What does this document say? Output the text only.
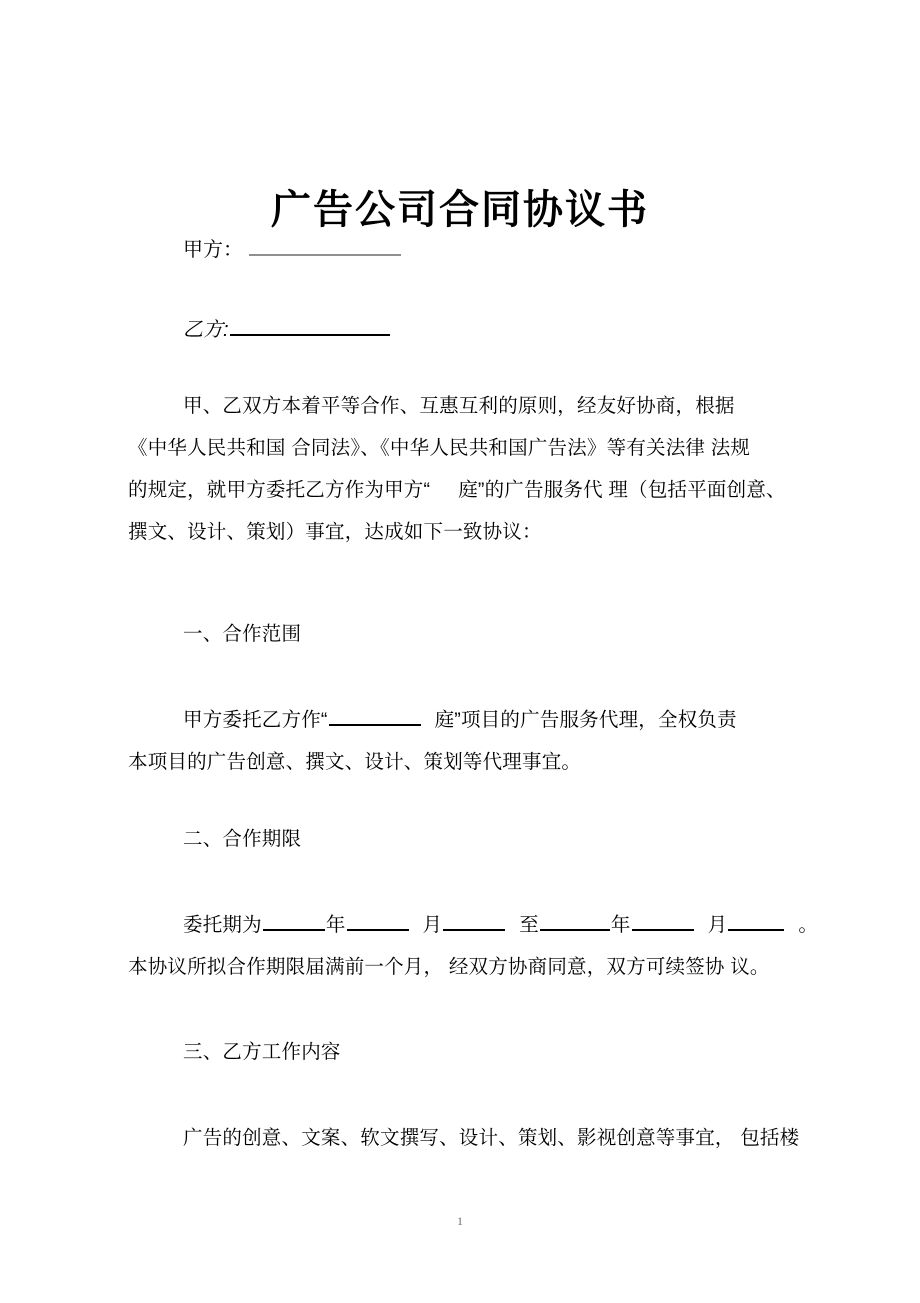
广告公司合同协议书
甲方：
乙方:
甲、乙双方本着平等合作、互惠互利的原则，经友好协商，根据
《中华人民共和国 合同法》、《中华人民共和国广告法》等有关法律 法规
的规定，就甲方委托乙方作为甲方“ 庭”的广告服务代 理（包括平面创意、
撰文、设计、策划）事宜，达成如下一致协议：
一、合作范围
甲方委托乙方作“	庭”项目的广告服务代理，全权负责
本项目的广告创意、撰文、设计、策划等代理事宜。
二、合作期限
委托期为	年	月	至	年	月	。
本协议所拟合作期限届满前一个月， 经双方协商同意，双方可续签协 议。
三、乙方工作内容
广告的创意、文案、软文撰写、设计、策划、影视创意等事宜， 包括楼
1
